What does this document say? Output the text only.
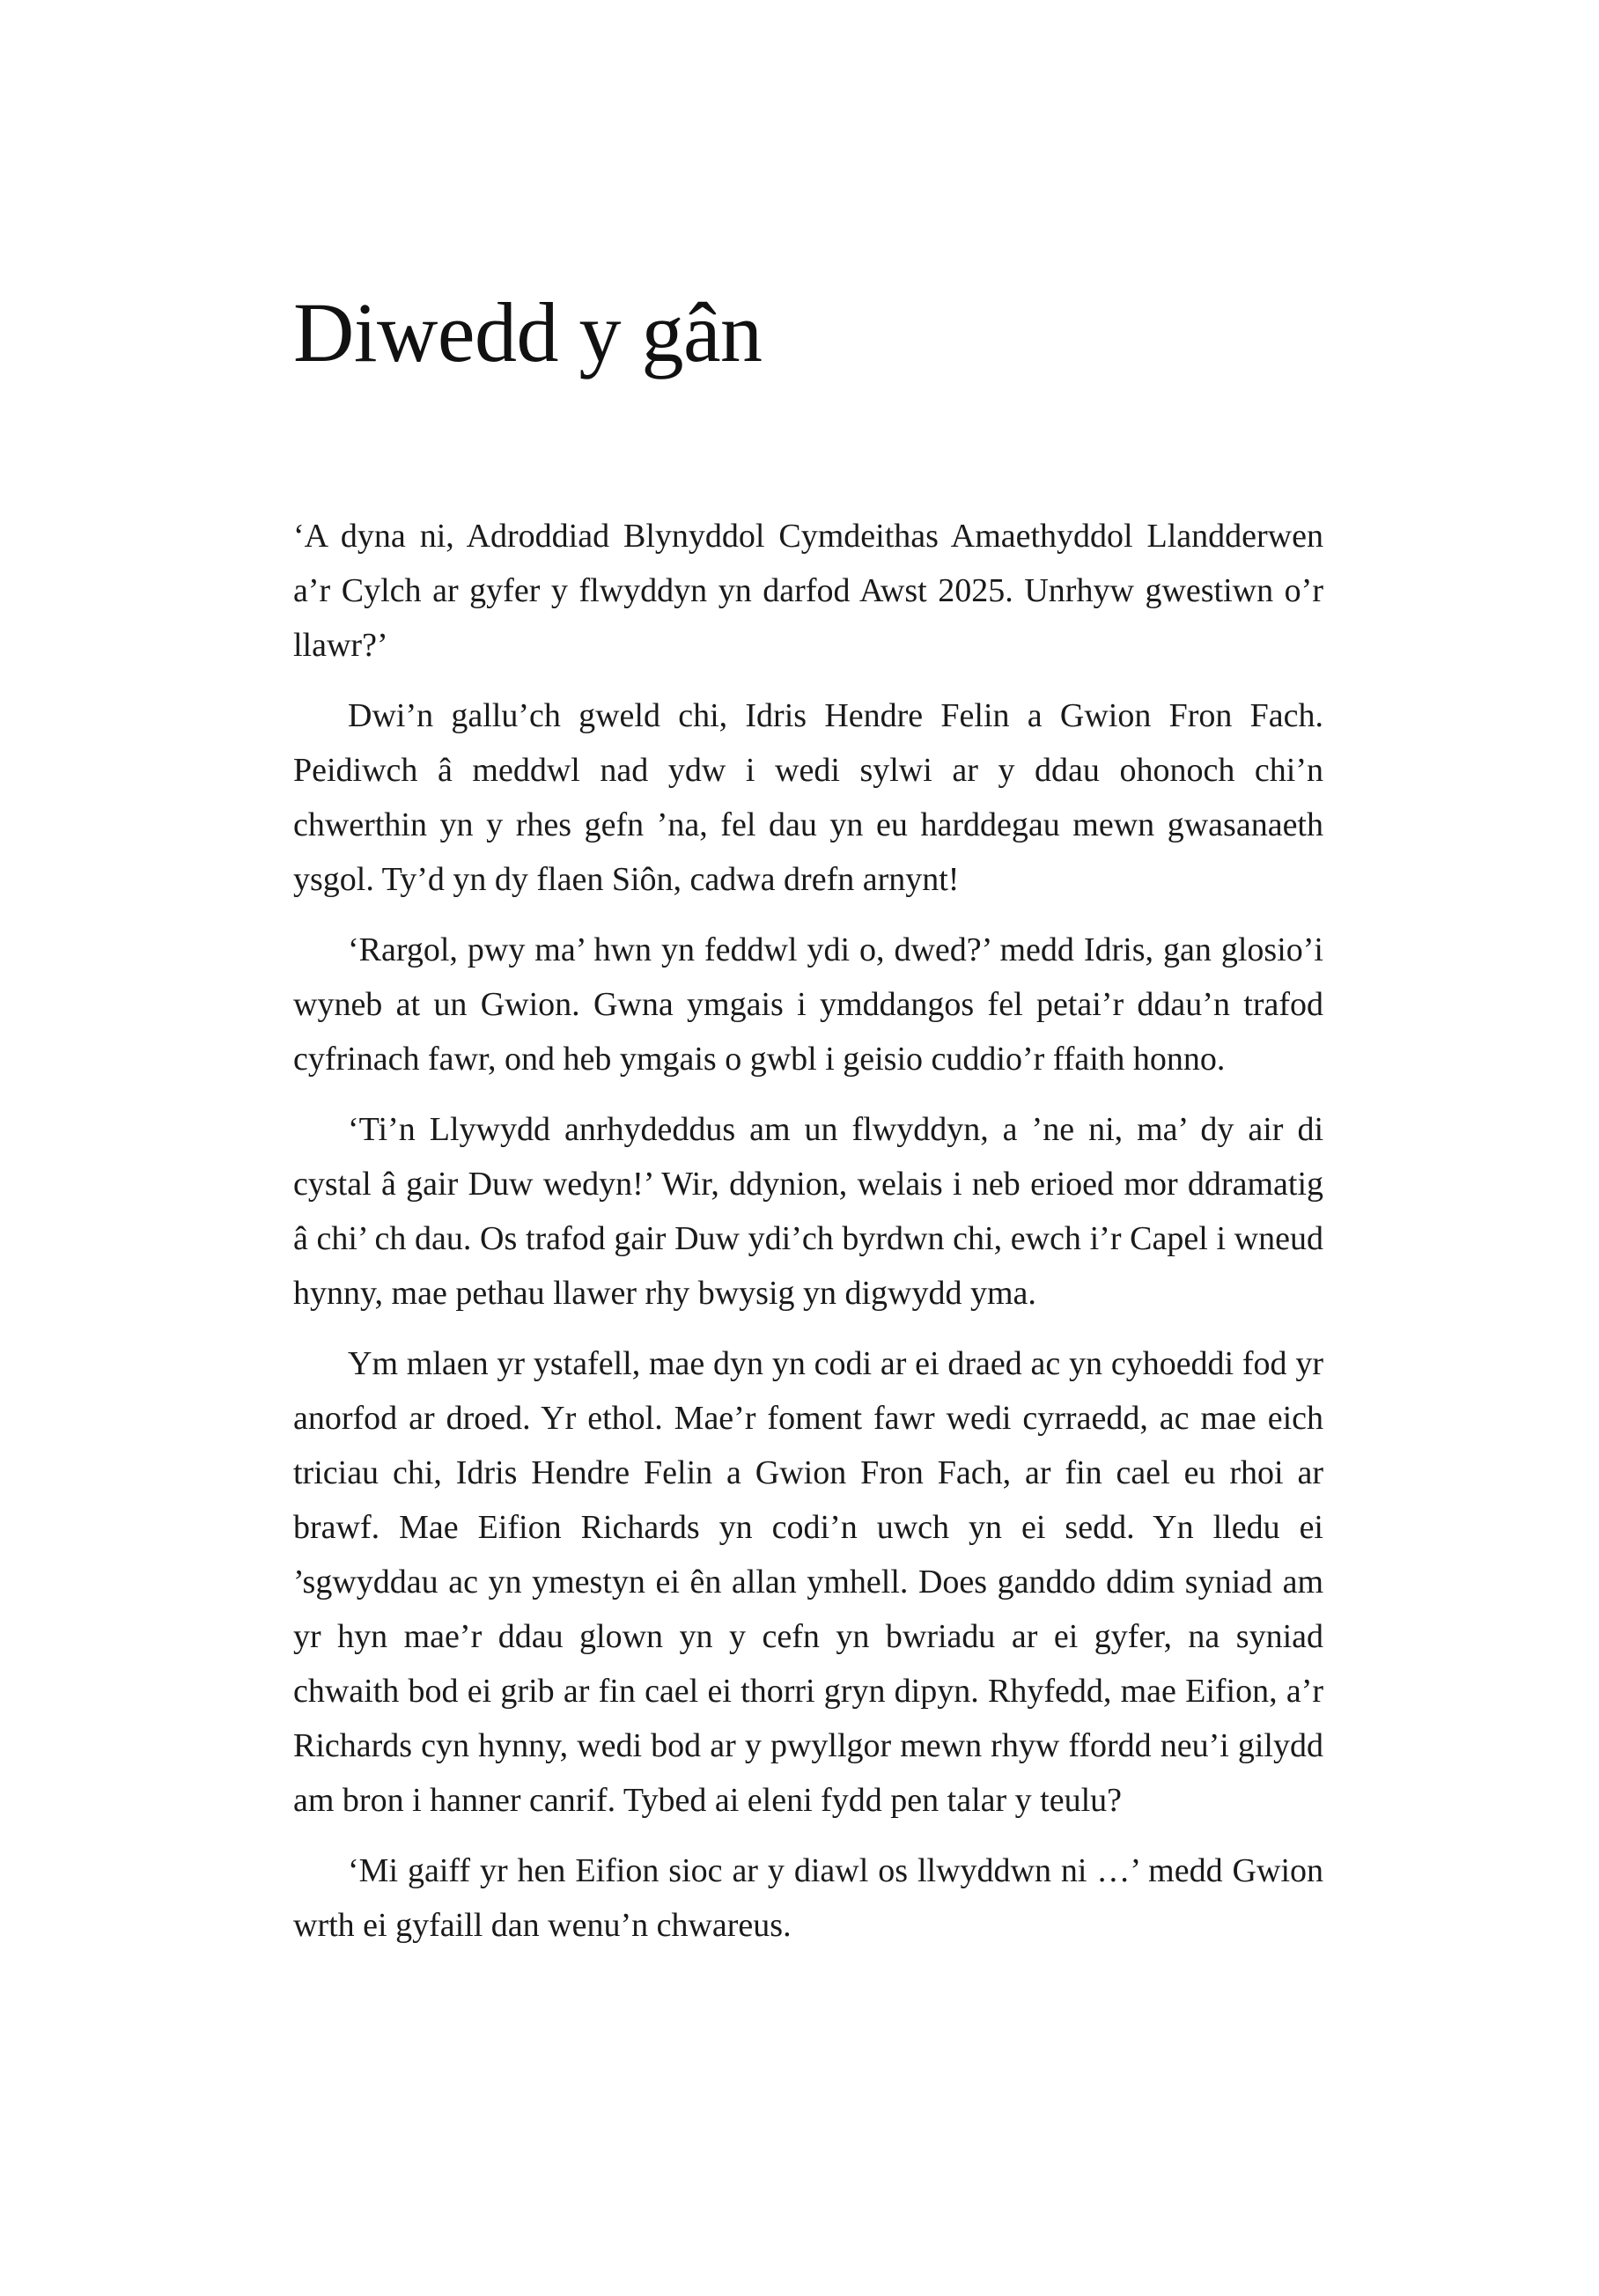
Diwedd y gân

‘A dyna ni, Adroddiad Blynyddol Cymdeithas Amaethyddol Llandderwen a’r Cylch ar gyfer y flwyddyn yn darfod Awst 2025. Unrhyw gwestiwn o’r llawr?’

Dwi’n gallu’ch gweld chi, Idris Hendre Felin a Gwion Fron Fach. Peidiwch â meddwl nad ydw i wedi sylwi ar y ddau ohonoch chi’n chwerthin yn y rhes gefn ’na, fel dau yn eu harddegau mewn gwasanaeth ysgol. Ty’d yn dy flaen Siôn, cadwa drefn arnynt!

‘Rargol, pwy ma’ hwn yn feddwl ydi o, dwed?’ medd Idris, gan glosio’i wyneb at un Gwion. Gwna ymgais i ymddangos fel petai’r ddau’n trafod cyfrinach fawr, ond heb ymgais o gwbl i geisio cuddio’r ffaith honno.

‘Ti’n Llywydd anrhydeddus am un flwyddyn, a ’ne ni, ma’ dy air di cystal â gair Duw wedyn!’ Wir, ddynion, welais i neb erioed mor ddramatig â chi’ ch dau. Os trafod gair Duw ydi’ch byrdwn chi, ewch i’r Capel i wneud hynny, mae pethau llawer rhy bwysig yn digwydd yma.

Ym mlaen yr ystafell, mae dyn yn codi ar ei draed ac yn cyhoeddi fod yr anorfod ar droed. Yr ethol. Mae’r foment fawr wedi cyrraedd, ac mae eich triciau chi, Idris Hendre Felin a Gwion Fron Fach, ar fin cael eu rhoi ar brawf. Mae Eifion Richards yn codi’n uwch yn ei sedd. Yn lledu ei ’sgwyddau ac yn ymestyn ei ên allan ymhell. Does ganddo ddim syniad am yr hyn mae’r ddau glown yn y cefn yn bwriadu ar ei gyfer, na syniad chwaith bod ei grib ar fin cael ei thorri gryn dipyn. Rhyfedd, mae Eifion, a’r Richards cyn hynny, wedi bod ar y pwyllgor mewn rhyw ffordd neu’i gilydd am bron i hanner canrif. Tybed ai eleni fydd pen talar y teulu?

‘Mi gaiff yr hen Eifion sioc ar y diawl os llwyddwn ni …’ medd Gwion wrth ei gyfaill dan wenu’n chwareus.
